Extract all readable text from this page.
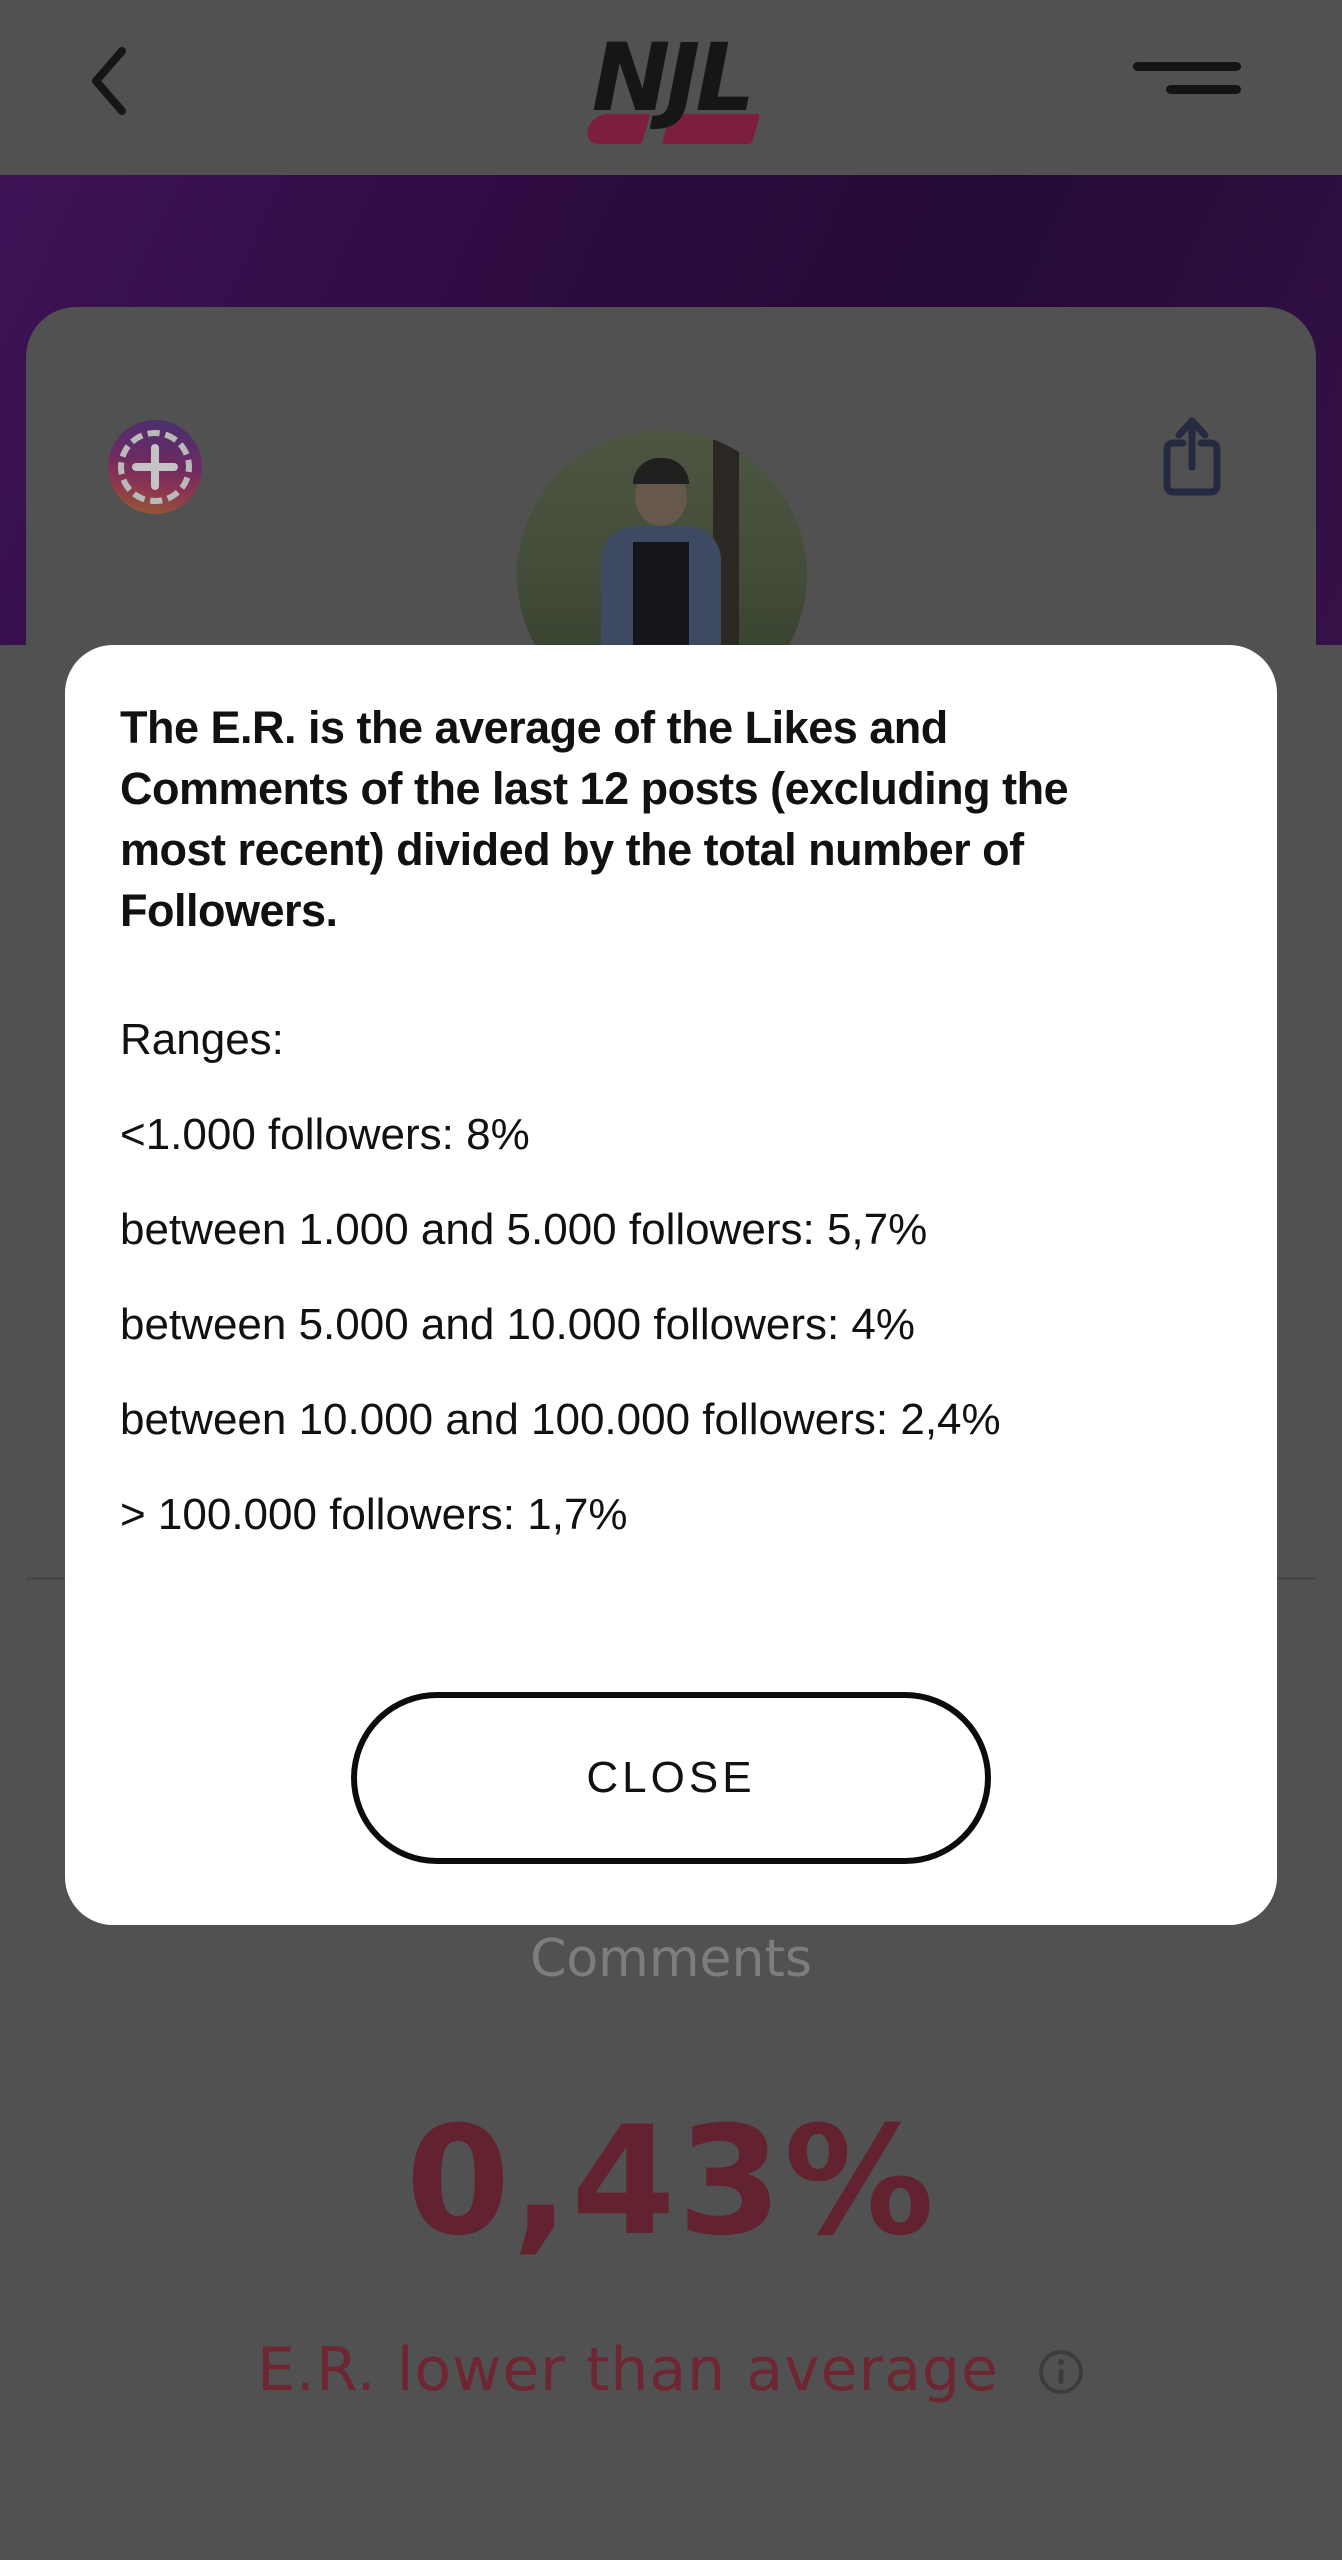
NJL
Comments
0,43%
E.R. lower than average

The E.R. is the average of the Likes and Comments of the last 12 posts (excluding the most recent) divided by the total number of Followers.

Ranges:

<1.000 followers: 8%

between 1.000 and 5.000 followers: 5,7%

between 5.000 and 10.000 followers: 4%

between 10.000 and 100.000 followers: 2,4%

> 100.000 followers: 1,7%

CLOSE
